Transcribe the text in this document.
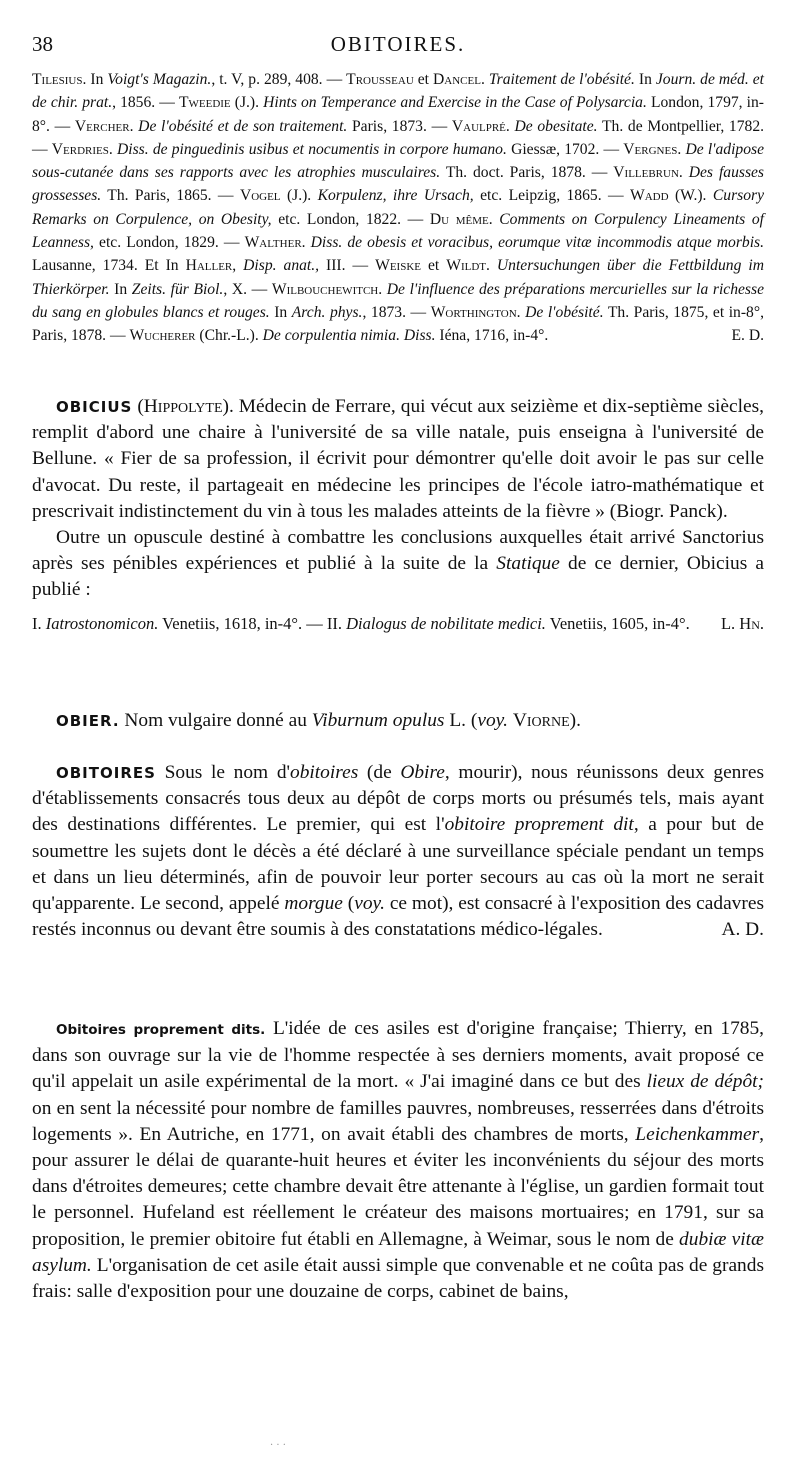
38	OBITOIRES.
Tilesius. In Voigt's Magazin., t. V, p. 289, 408. — Trousseau et Dancel. Traitement de l'obésité. In Journ. de méd. et de chir. prat., 1856. — Tweedie (J.). Hints on Temperance and Exercise in the Case of Polysarcia. London, 1797, in-8°. — Vercher. De l'obésité et de son traitement. Paris, 1873. — Vaulpré. De obesitate. Th. de Montpellier, 1782. — Verdries. Diss. de pinguedinis usibus et nocumentis in corpore humano. Giessæ, 1702. — Vergnes. De l'adipose sous-cutanée dans ses rapports avec les atrophies musculaires. Th. doct. Paris, 1878. — Villebrun. Des fausses grossesses. Th. Paris, 1865. — Vogel (J.). Korpulenz, ihre Ursach, etc. Leipzig, 1865. — Wadd (W.). Cursory Remarks on Corpulence, on Obesity, etc. London, 1822. — Du même. Comments on Corpulency Lineaments of Leanness, etc. London, 1829. — Walther. Diss. de obesis et voracibus, eorumque vitæ incommodis atque morbis. Lausanne, 1734. Et In Haller, Disp. anat., III. — Weiske et Wildt. Untersuchungen über die Fettbildung im Thierkörper. In Zeits. für Biol., X. — Wilbouchewitch. De l'influence des préparations mercurielles sur la richesse du sang en globules blancs et rouges. In Arch. phys., 1873. — Worthington. De l'obésité. Th. Paris, 1875, et in-8°, Paris, 1878. — Wucherer (Chr.-L.). De corpulentia nimia. Diss. Iéna, 1716, in-4°.	E. D.

OBICIUS (Hippolyte). Médecin de Ferrare, qui vécut aux seizième et dix-septième siècles, remplit d'abord une chaire à l'université de sa ville natale, puis enseigna à l'université de Bellune. « Fier de sa profession, il écrivit pour démontrer qu'elle doit avoir le pas sur celle d'avocat. Du reste, il partageait en médecine les principes de l'école iatro-mathématique et prescrivait indistinctement du vin à tous les malades atteints de la fièvre » (Biogr. Panck).

Outre un opuscule destiné à combattre les conclusions auxquelles était arrivé Sanctorius après ses pénibles expériences et publié à la suite de la Statique de ce dernier, Obicius a publié :

I. Iatrostonomicon. Venetiis, 1618, in-4°. — II. Dialogus de nobilitate medici. Venetiis, 1605, in-4°. L. Hn.

OBIER. Nom vulgaire donné au Viburnum opulus L. (voy. Viorne).

OBITOIRES Sous le nom d'obitoires (de Obire, mourir), nous réunissons deux genres d'établissements consacrés tous deux au dépôt de corps morts ou présumés tels, mais ayant des destinations différentes. Le premier, qui est l'obitoire proprement dit, a pour but de soumettre les sujets dont le décès a été déclaré à une surveillance spéciale pendant un temps et dans un lieu déterminés, afin de pouvoir leur porter secours au cas où la mort ne serait qu'apparente. Le second, appelé morgue (voy. ce mot), est consacré à l'exposition des cadavres restés inconnus ou devant être soumis à des constatations médico-légales.	A. D.

Obitoires proprement dits. L'idée de ces asiles est d'origine française; Thierry, en 1785, dans son ouvrage sur la vie de l'homme respectée à ses derniers moments, avait proposé ce qu'il appelait un asile expérimental de la mort. « J'ai imaginé dans ce but des lieux de dépôt; on en sent la nécessité pour nombre de familles pauvres, nombreuses, resserrées dans d'étroits logements ». En Autriche, en 1771, on avait établi des chambres de morts, Leichenkammer, pour assurer le délai de quarante-huit heures et éviter les inconvénients du séjour des morts dans d'étroites demeures; cette chambre devait être attenante à l'église, un gardien formait tout le personnel. Hufeland est réellement le créateur des maisons mortuaires; en 1791, sur sa proposition, le premier obitoire fut établi en Allemagne, à Weimar, sous le nom de dubiæ vitæ asylum. L'organisation de cet asile était aussi simple que convenable et ne coûta pas de grands frais: salle d'exposition pour une douzaine de corps, cabinet de bains,

· · ·
